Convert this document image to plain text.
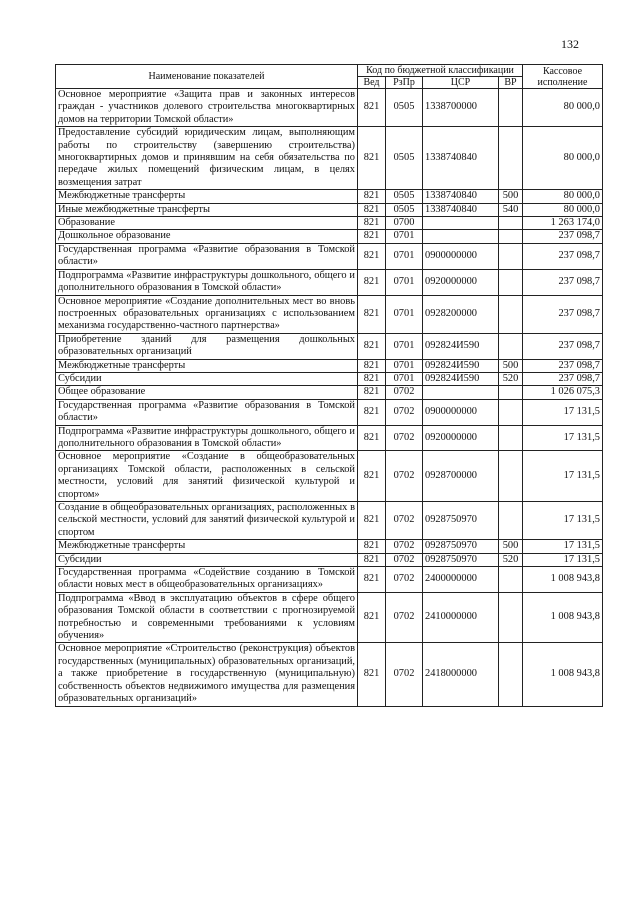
132
Наименование показателей	Код по бюджетной классификации				Кассовое исполнение
	Вед	РзПр	ЦСР	ВР	
Основное мероприятие «Защита прав и законных интересов граждан - участников долевого строительства многоквартирных домов на территории Томской области»	821	0505	1338700000		80 000,0
Предоставление субсидий юридическим лицам, выполняющим работы по строительству (завершению строительства) многоквартирных домов и принявшим на себя обязательства по передаче жилых помещений физическим лицам, в целях возмещения затрат	821	0505	1338740840		80 000,0
Межбюджетные трансферты	821	0505	1338740840	500	80 000,0
Иные межбюджетные трансферты	821	0505	1338740840	540	80 000,0
Образование	821	0700			1 263 174,0
Дошкольное образование	821	0701			237 098,7
Государственная программа «Развитие образования в Томской области»	821	0701	0900000000		237 098,7
Подпрограмма «Развитие инфраструктуры дошкольного, общего и дополнительного образования в Томской области»	821	0701	0920000000		237 098,7
Основное мероприятие «Создание дополнительных мест во вновь построенных образовательных организациях с использованием механизма государственно-частного партнерства»	821	0701	0928200000		237 098,7
Приобретение зданий для размещения дошкольных образовательных организаций	821	0701	092824И590		237 098,7
Межбюджетные трансферты	821	0701	092824И590	500	237 098,7
Субсидии	821	0701	092824И590	520	237 098,7
Общее образование	821	0702			1 026 075,3
Государственная программа «Развитие образования в Томской области»	821	0702	0900000000		17 131,5
Подпрограмма «Развитие инфраструктуры дошкольного, общего и дополнительного образования в Томской области»	821	0702	0920000000		17 131,5
Основное мероприятие «Создание в общеобразовательных организациях Томской области, расположенных в сельской местности, условий для занятий физической культурой и спортом»	821	0702	0928700000		17 131,5
Создание в общеобразовательных организациях, расположенных в сельской местности, условий для занятий физической культурой и спортом	821	0702	0928750970		17 131,5
Межбюджетные трансферты	821	0702	0928750970	500	17 131,5
Субсидии	821	0702	0928750970	520	17 131,5
Государственная программа «Содействие созданию в Томской области новых мест в общеобразовательных организациях»	821	0702	2400000000		1 008 943,8
Подпрограмма «Ввод в эксплуатацию объектов в сфере общего образования Томской области в соответствии с прогнозируемой потребностью и современными требованиями к условиям обучения»	821	0702	2410000000		1 008 943,8
Основное мероприятие «Строительство (реконструкция) объектов государственных (муниципальных) образовательных организаций, а также приобретение в государственную (муниципальную) собственность объектов недвижимого имущества для размещения образовательных организаций»	821	0702	2418000000		1 008 943,8
